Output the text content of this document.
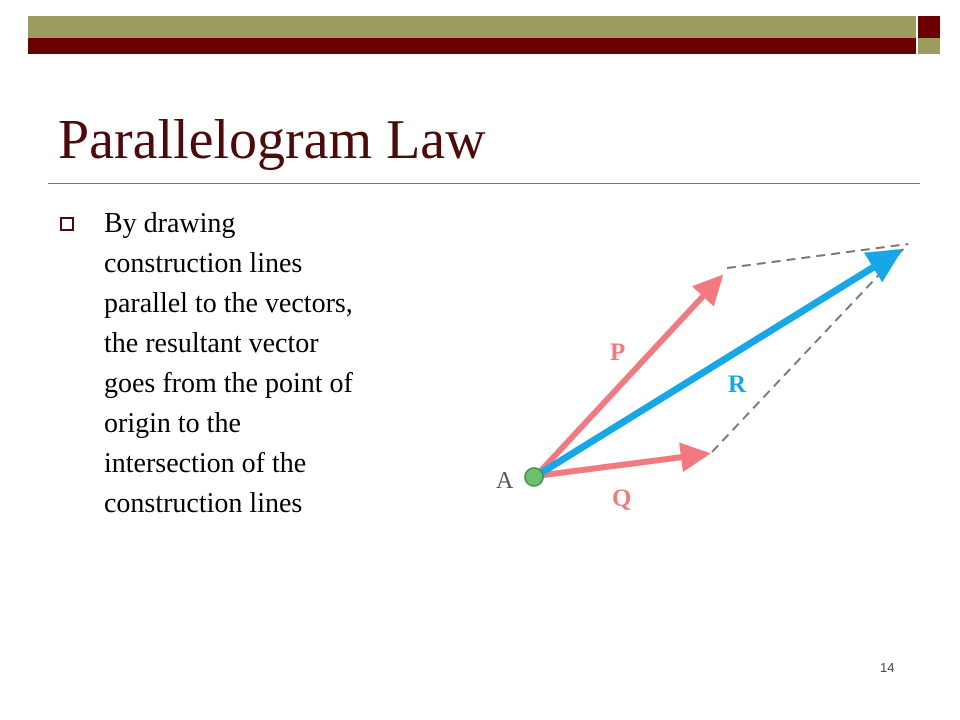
Parallelogram Law

By drawing
construction lines
parallel to the vectors,
the resultant vector
goes from the point of
origin to the
intersection of the
construction lines

A
P
Q
R
14
